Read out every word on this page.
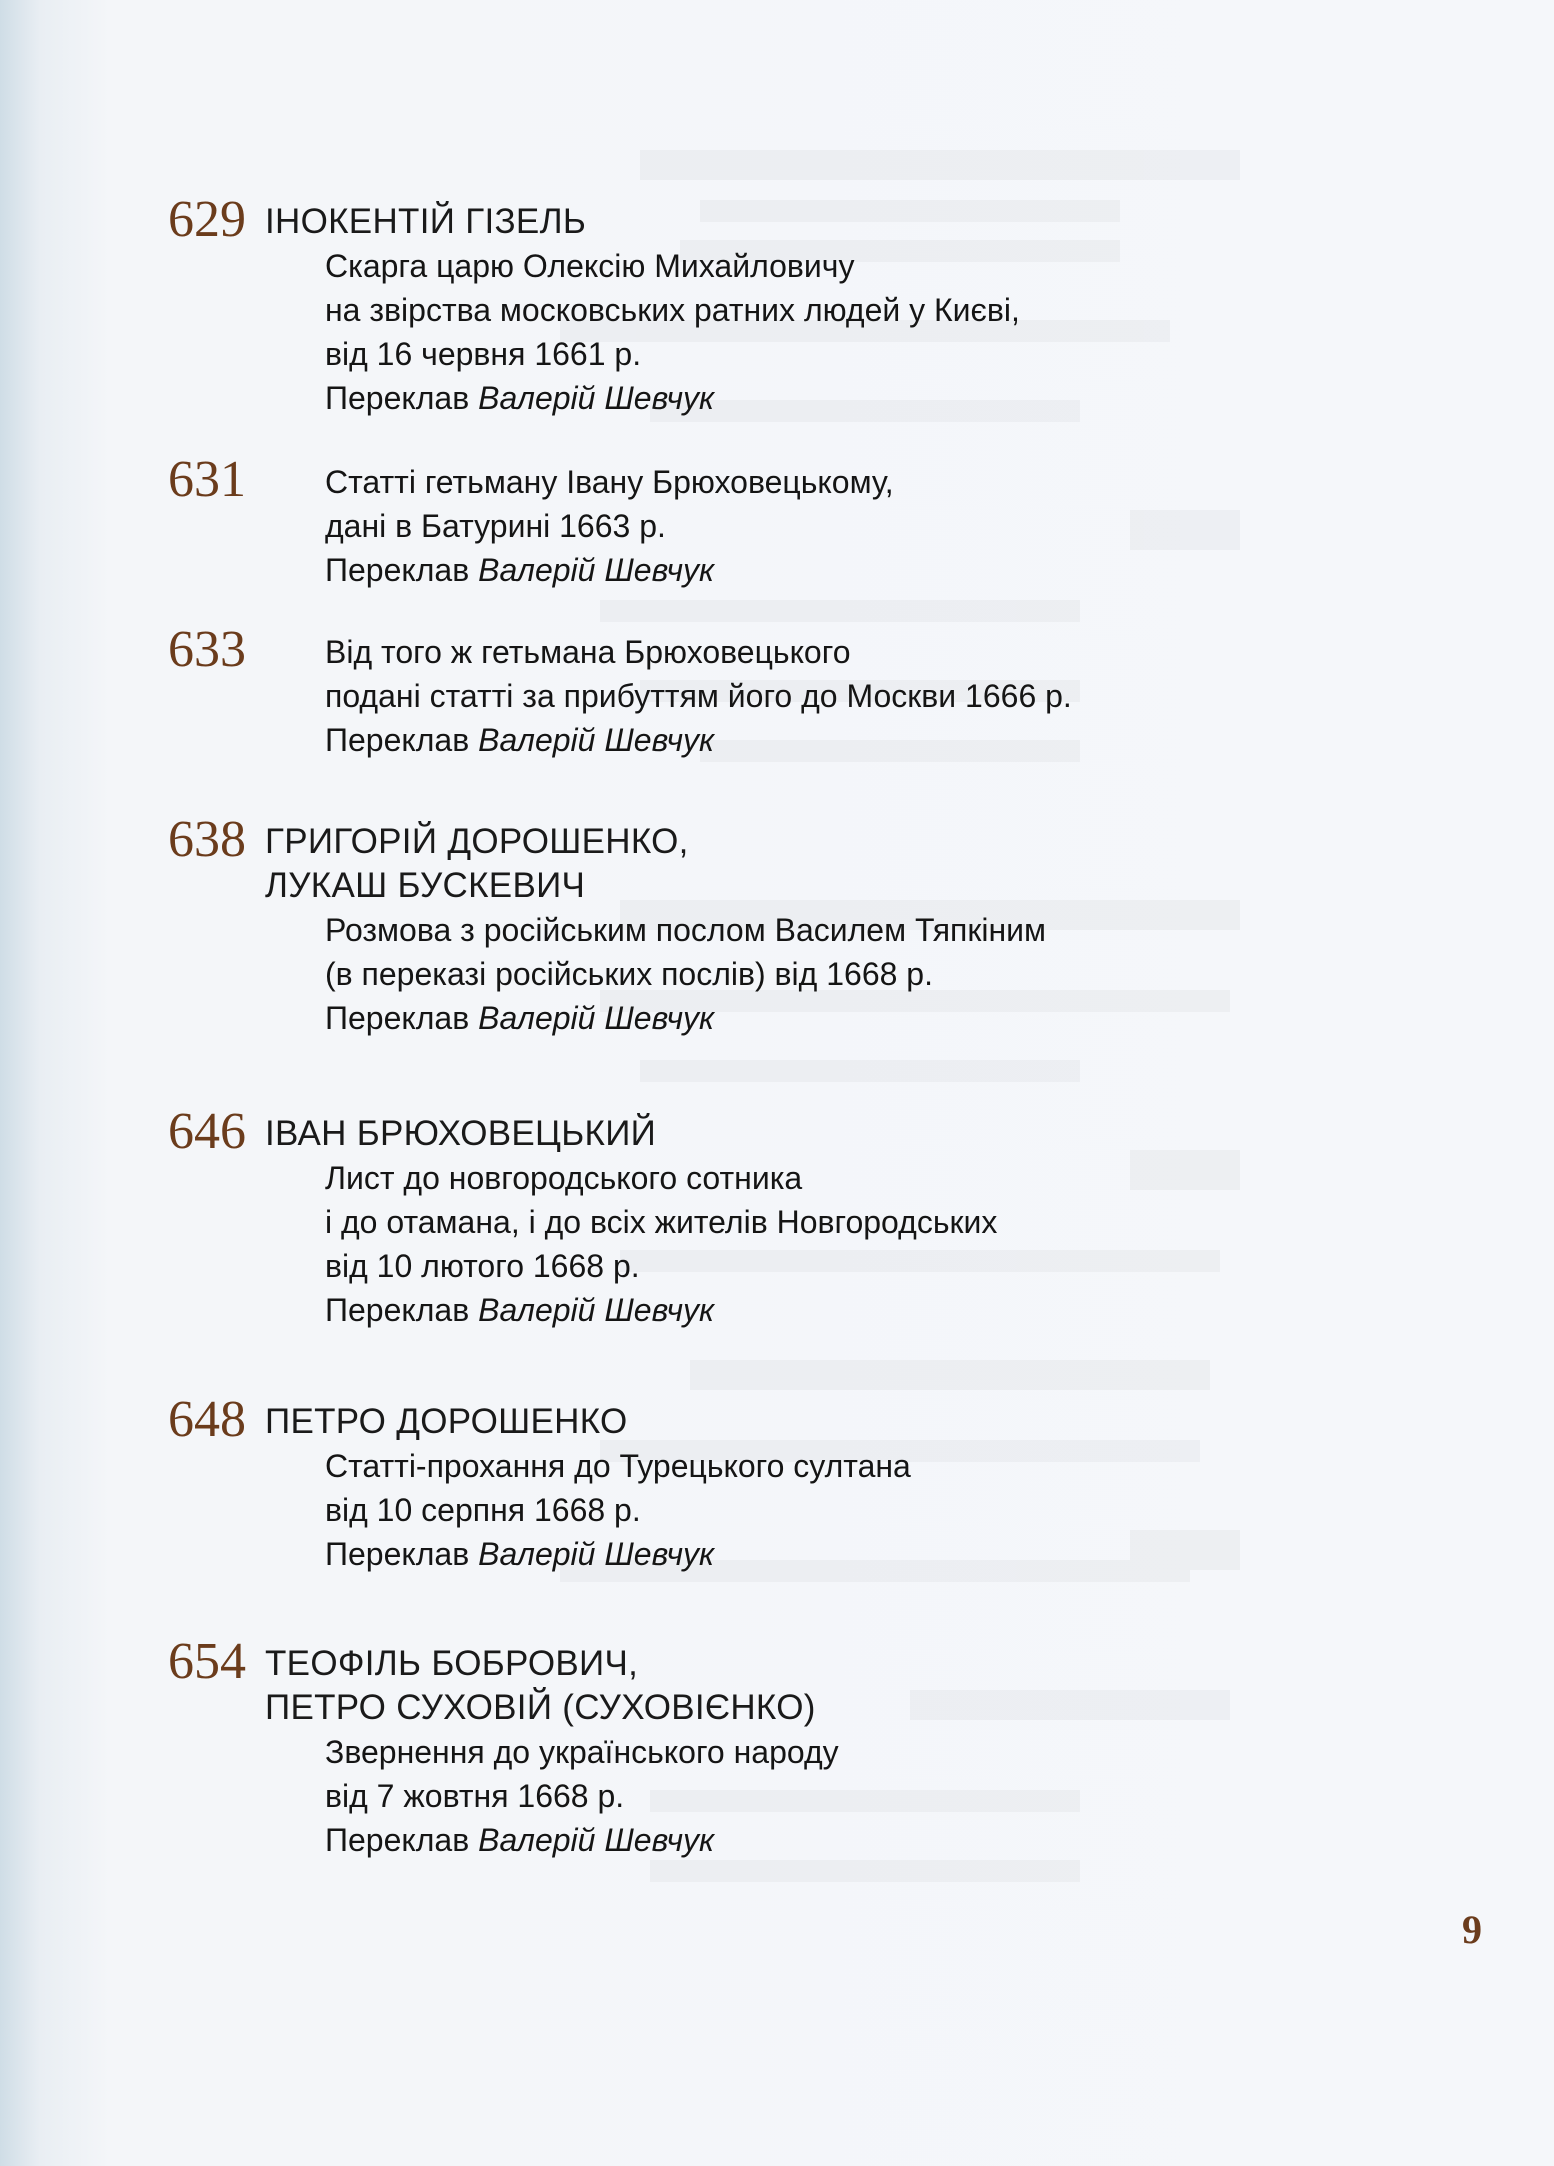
629 ІНОКЕНТІЙ ГІЗЕЛЬ
Скарга царю Олексію Михайловичу
на звірства московських ратних людей у Києві,
від 16 червня 1661 р.
Переклав Валерій Шевчук
631 Статті гетьману Івану Брюховецькому,
дані в Батурині 1663 р.
Переклав Валерій Шевчук
633 Від того ж гетьмана Брюховецького
подані статті за прибуттям його до Москви 1666 р.
Переклав Валерій Шевчук
638 ГРИГОРІЙ ДОРОШЕНКО,
ЛУКАШ БУСКЕВИЧ
Розмова з російським послом Василем Тяпкіним
(в переказі російських послів) від 1668 р.
Переклав Валерій Шевчук
646 ІВАН БРЮХОВЕЦЬКИЙ
Лист до новгородського сотника
і до отамана, і до всіх жителів Новгородських
від 10 лютого 1668 р.
Переклав Валерій Шевчук
648 ПЕТРО ДОРОШЕНКО
Статті-прохання до Турецького султана
від 10 серпня 1668 р.
Переклав Валерій Шевчук
654 ТЕОФІЛЬ БОБРОВИЧ,
ПЕТРО СУХОВІЙ (СУХОВІЄНКО)
Звернення до українського народу
від 7 жовтня 1668 р.
Переклав Валерій Шевчук
9
